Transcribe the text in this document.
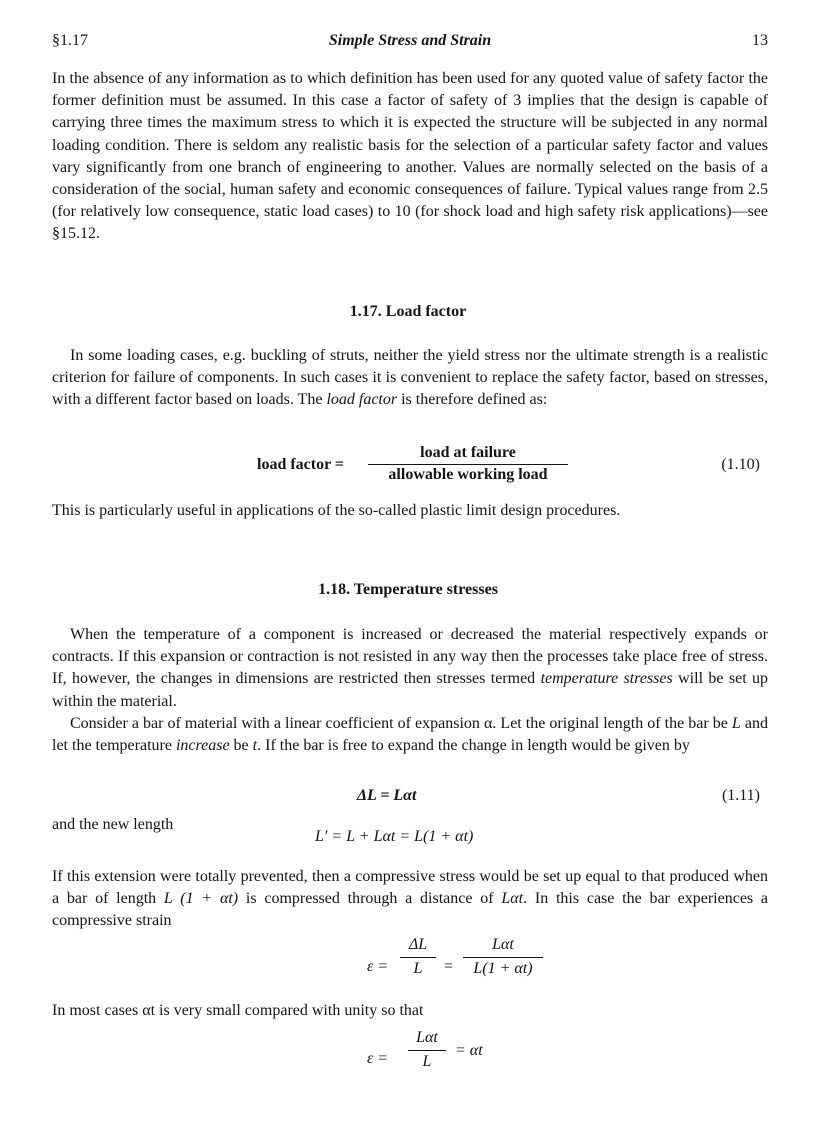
§1.17	Simple Stress and Strain	13

In the absence of any information as to which definition has been used for any quoted value of safety factor the former definition must be assumed. In this case a factor of safety of 3 implies that the design is capable of carrying three times the maximum stress to which it is expected the structure will be subjected in any normal loading condition. There is seldom any realistic basis for the selection of a particular safety factor and values vary significantly from one branch of engineering to another. Values are normally selected on the basis of a consideration of the social, human safety and economic consequences of failure. Typical values range from 2.5 (for relatively low consequence, static load cases) to 10 (for shock load and high safety risk applications)—see §15.12.

1.17. Load factor

In some loading cases, e.g. buckling of struts, neither the yield stress nor the ultimate strength is a realistic criterion for failure of components. In such cases it is convenient to replace the safety factor, based on stresses, with a different factor based on loads. The load factor is therefore defined as:

load factor =
load at failure
allowable working load
(1.10)

This is particularly useful in applications of the so-called plastic limit design procedures.

1.18. Temperature stresses

When the temperature of a component is increased or decreased the material respectively expands or contracts. If this expansion or contraction is not resisted in any way then the processes take place free of stress. If, however, the changes in dimensions are restricted then stresses termed temperature stresses will be set up within the material.

Consider a bar of material with a linear coefficient of expansion α. Let the original length of the bar be L and let the temperature increase be t. If the bar is free to expand the change in length would be given by

ΔL = Lαt	(1.11)
and the new length
L′ = L + Lαt = L(1 + αt)

If this extension were totally prevented, then a compressive stress would be set up equal to that produced when a bar of length L (1 + αt) is compressed through a distance of Lαt. In this case the bar experiences a compressive strain

ε =
ΔL
L	=
Lαt
L(1 + αt)

In most cases αt is very small compared with unity so that

ε =
Lαt
L
= αt
